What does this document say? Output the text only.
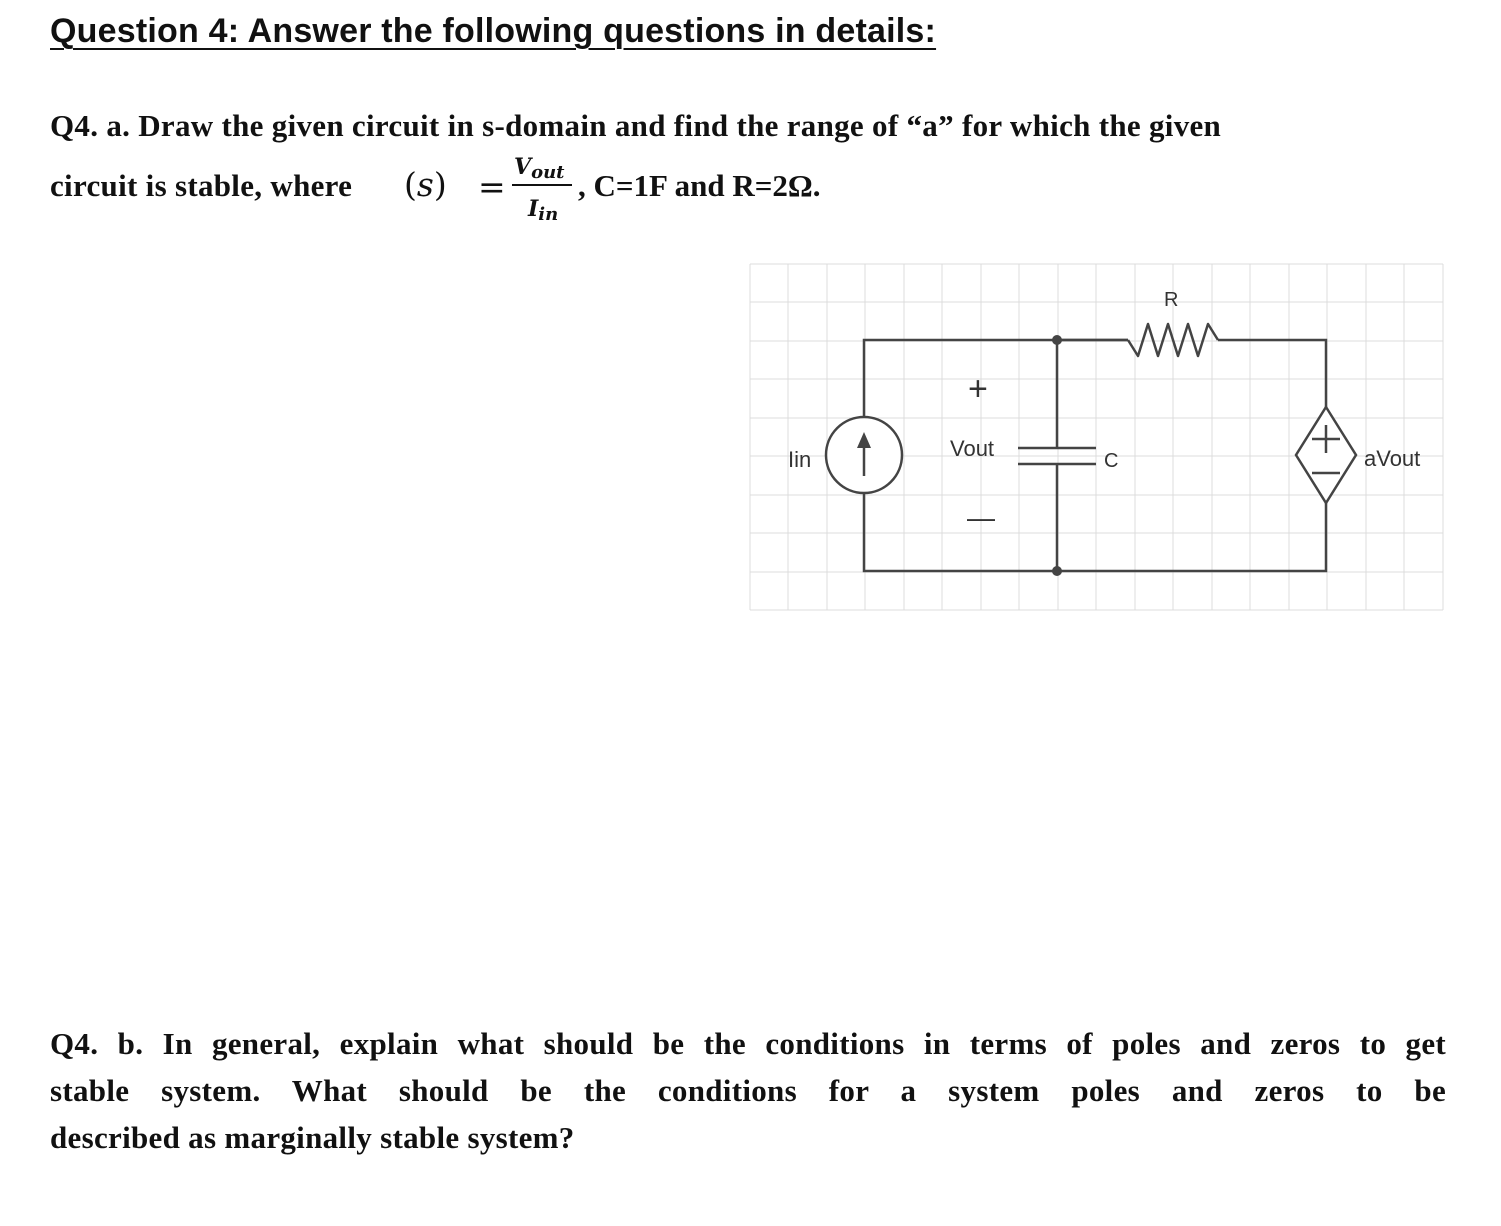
Question 4: Answer the following questions in details:
Q4. a. Draw the given circuit in s-domain and find the range of “a” for which the given
circuit is stable, where $(s) = V_{out}$
$I_{in}$
, C=1F and R=2Ω.
Iin	Vout
+
—
C
R
aVout
Q4. b. In general, explain what should be the conditions in terms of poles and zeros to get
stable system. What should be the conditions for a system poles and zeros to be
described as marginally stable system?
